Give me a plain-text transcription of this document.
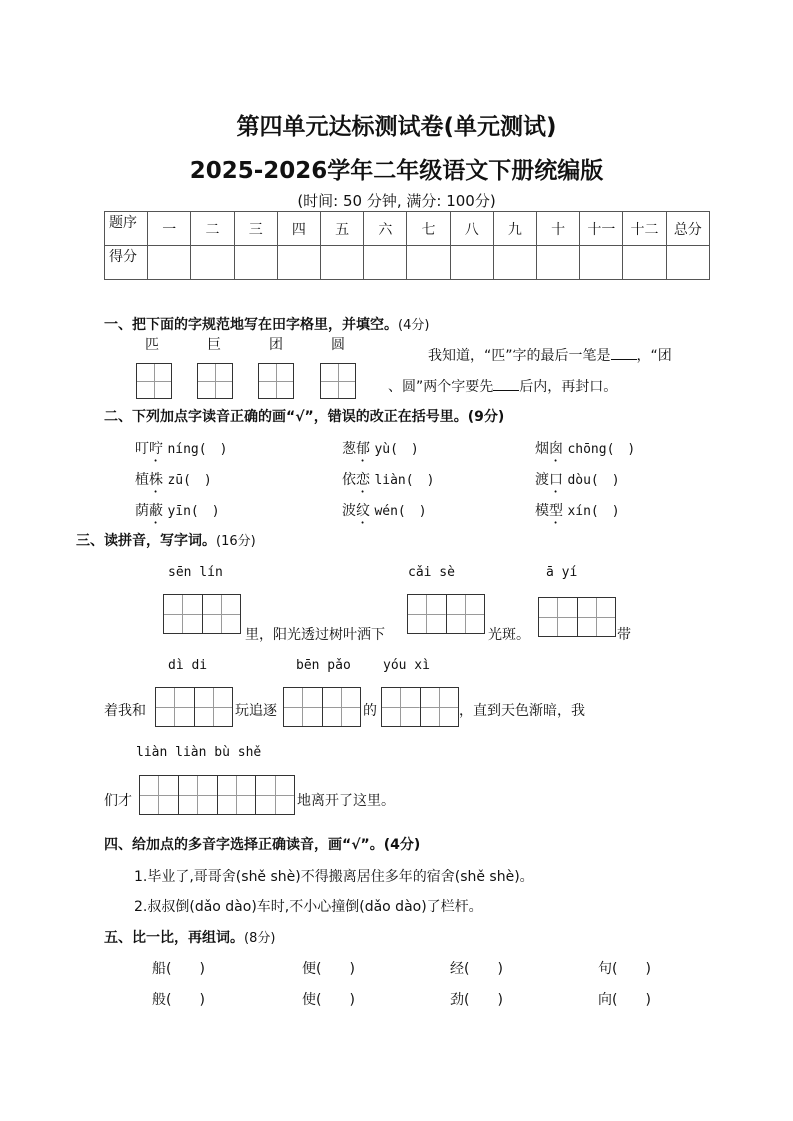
第四单元达标测试卷(单元测试)
2025-2026学年二年级语文下册统编版
(时间: 50 分钟, 满分: 100分)
题序	一	二	三	四	五	六	七	八	九	十	十一	十二	总分
得分													
一、把下面的字规范地写在田字格里，并填空。(4分)
匹	巨	团	圆
我知道，“匹”字的最后一笔是 ，“团
、圆”两个字要先 后内，再封口。
二、下列加点字读音正确的画“√”，错误的改正在括号里。(9分)
叮咛 níng(　)	葱郁 yù(　)	烟囱 chōng(　)
植株 zū(　)	依恋 liàn(　)	渡口 dòu(　)
荫蔽 yīn(　)	波纹 wén(　)	模型 xín(　)
三、读拼音，写字词。(16分)
sēn lín	cǎi sè	ā yí
里，阳光透过树叶洒下	光斑。	带
dì di	bēn pǎo yóu xì
着我和	玩追逐	的	，直到天色渐暗，我
liàn liàn bù shě
们才	地离开了这里。
四、给加点的多音字选择正确读音，画“√”。(4分)
1.毕业了,哥哥舍(shě shè)不得搬离居住多年的宿舍(shě shè)。
2.叔叔倒(dǎo dào)车时,不小心撞倒(dǎo dào)了栏杆。
五、比一比，再组词。(8分)
船(　　)	便(　　)	经(　　)	句(　　)
般(　　)	使(　　)	劲(　　)	向(　　)
